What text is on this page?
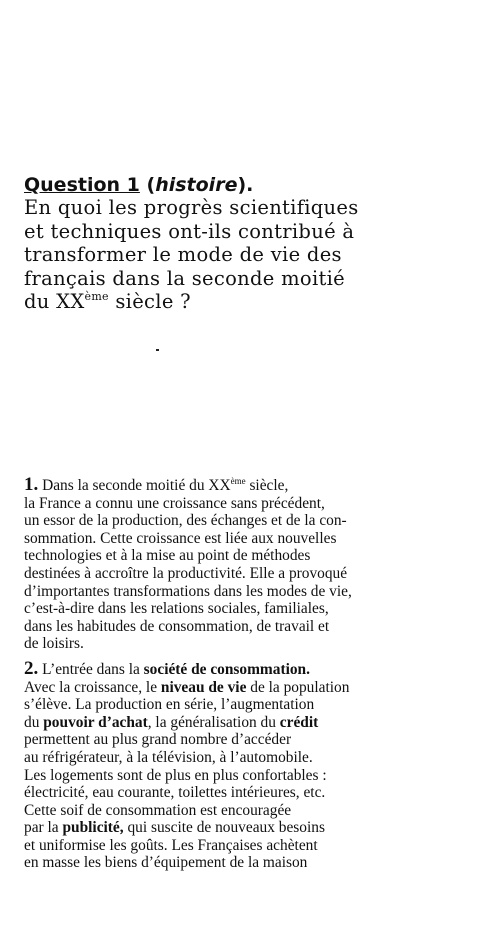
Question 1 (histoire).
En quoi les progrès scientifiques
et techniques ont-ils contribué à
transformer le mode de vie des
français dans la seconde moitié
du XXème siècle ?

1. Dans la seconde moitié du XXème siècle,
la France a connu une croissance sans précédent,
un essor de la production, des échanges et de la con-
sommation. Cette croissance est liée aux nouvelles
technologies et à la mise au point de méthodes
destinées à accroître la productivité. Elle a provoqué
d’importantes transformations dans les modes de vie,
c’est-à-dire dans les relations sociales, familiales,
dans les habitudes de consommation, de travail et
de loisirs.

2. L’entrée dans la société de consommation.
Avec la croissance, le niveau de vie de la population
s’élève. La production en série, l’augmentation
du pouvoir d’achat, la généralisation du crédit
permettent au plus grand nombre d’accéder
au réfrigérateur, à la télévision, à l’automobile.
Les logements sont de plus en plus confortables :
électricité, eau courante, toilettes intérieures, etc.
Cette soif de consommation est encouragée
par la publicité, qui suscite de nouveaux besoins
et uniformise les goûts. Les Françaises achètent
en masse les biens d’équipement de la maison
